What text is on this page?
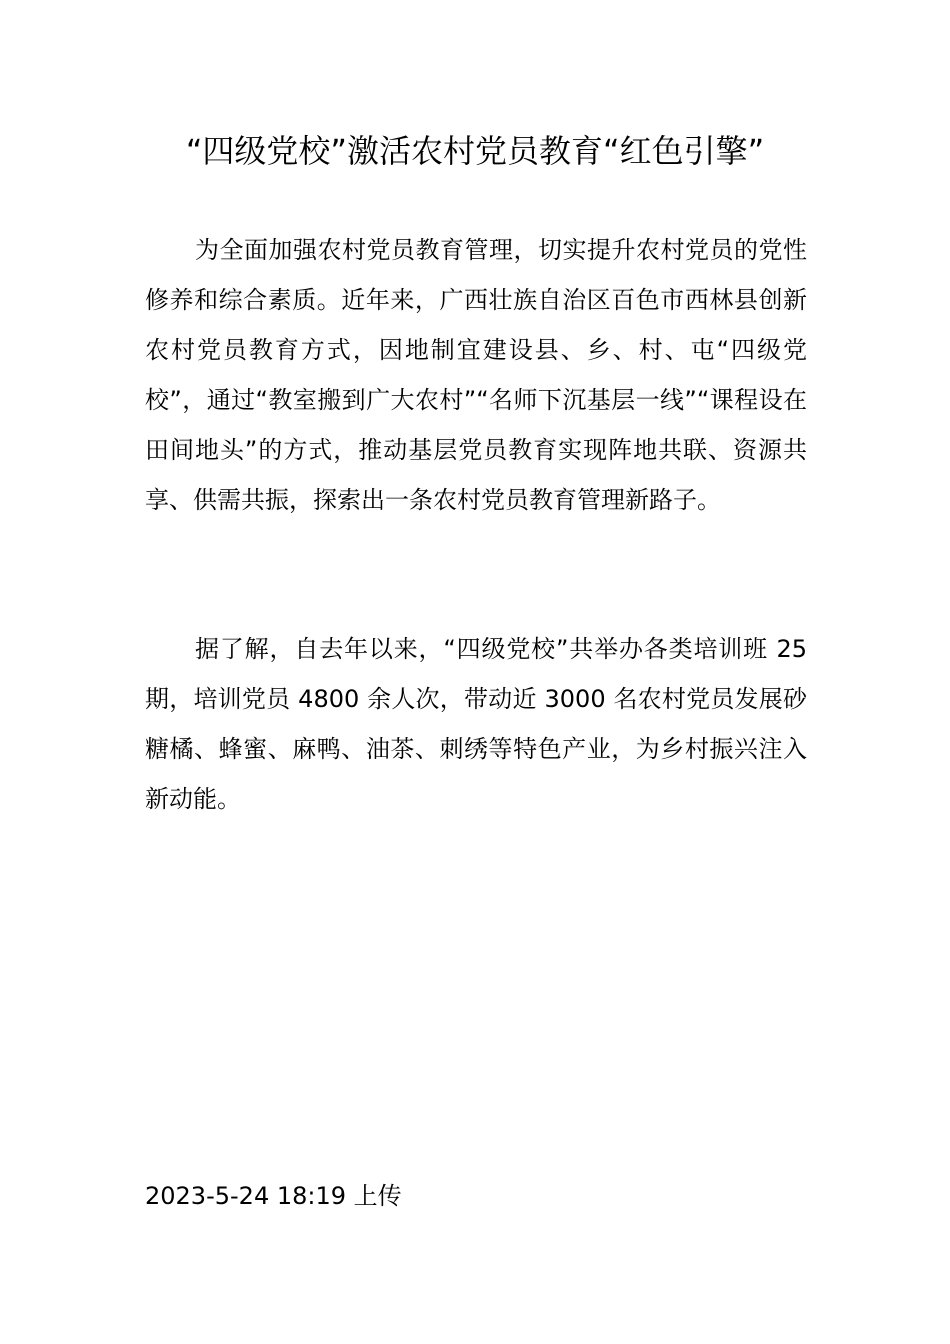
“四级党校”激活农村党员教育“红色引擎”

为全面加强农村党员教育管理，切实提升农村党员的党性修养和综合素质。近年来，广西壮族自治区百色市西林县创新农村党员教育方式，因地制宜建设县、乡、村、屯“四级党校”，通过“教室搬到广大农村”“名师下沉基层一线”“课程设在田间地头”的方式，推动基层党员教育实现阵地共联、资源共享、供需共振，探索出一条农村党员教育管理新路子。

据了解，自去年以来，“四级党校”共举办各类培训班 25 期，培训党员 4800 余人次，带动近 3000 名农村党员发展砂糖橘、蜂蜜、麻鸭、油茶、刺绣等特色产业，为乡村振兴注入新动能。

2023-5-24 18:19 上传
